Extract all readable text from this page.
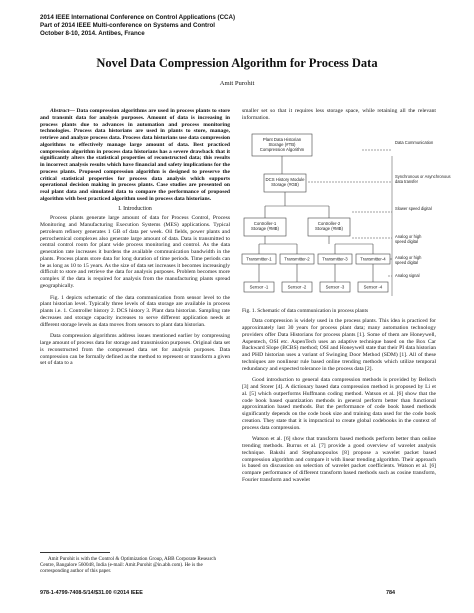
2014 IEEE International Conference on Control Applications (CCA)
Part of 2014 IEEE Multi-conference on Systems and Control
October 8-10, 2014. Antibes, France
Novel Data Compression Algorithm for Process Data
Amit Purohit

Abstract— Data compression algorithms are used in process plants to store and transmit data for analysis purposes. Amount of data is increasing in process plants due to advances in automation and process monitoring technologies. Process data historians are used in plants to store, manage, retrieve and analyze process data. Process data historians use data compression algorithms to effectively manage large amount of data. Best practiced compression algorithm in process data historians has a severe drawback that it significantly alters the statistical properties of reconstructed data; this results in incorrect analysis results which have financial and safety implications for the process plants. Proposed compression algorithm is designed to preserve the critical statistical properties for process data analysis which supports operational decision making in process plants. Case studies are presented on real plant data and simulated data to compare the performance of proposed algorithm with best practiced algorithm used in process data historians.

I. Introduction

Process plants generate large amount of data for Process Control, Process Monitoring and Manufacturing Execution Systems (MES) applications. Typical petroleum refinery generates 1 GB of data per week. Oil fields, power plants and petrochemical complexes also generate large amount of data. Data is transmitted to central control room for plant wide process monitoring and control. As the data generation rate increases it burdens the available communication bandwidth in the plants. Process plants store data for long duration of time periods. Time periods can be as long as 10 to 15 years. As the size of data set increases it becomes increasingly difficult to store and retrieve the data for analysis purposes. Problem becomes more complex if the data is required for analysis from the manufacturing plants spread geographically.

Fig. 1 depicts schematic of the data communication from sensor level to the plant historian level. Typically three levels of data storage are available in process plants i.e. 1. Controller history 2. DCS history 3. Plant data historian. Sampling rate decreases and storage capacity increases to serve different application needs at different storage levels as data moves from sensors to plant data historian.

Data compression algorithms address issues mentioned earlier by compressing large amount of process data for storage and transmission purposes. Original data set is reconstructed from the compressed data set for analysis purposes. Data compression can be formally defined as the method to represent or transform a given set of data to a

smaller set so that it requires less storage space, while retaining all the relevant information.

Plant Data Historian Storage (#TB) Compression Algorithm
DCS History Module Storage (#GB)
Controller-1 Storage (#MB)
Controller-2 Storage (#MB)
Transmitter-1	Transmitter-2	Transmitter-3	Transmitter-4
Sensor -1	Sensor -2	Sensor -3	Sensor -4
Data Communication
Synchronous or Asynchronous data transfer
Slower speed digital
Analog or high speed digital
Analog or high speed digital
Analog signal

Fig. 1. Schematic of data communication in process plants

Data compression is widely used in the process plants. This idea is practiced for approximately last 30 years for process plant data; many automation technology providers offer Data Historians for process plants [1]. Some of them are Honeywell, Aspentech, OSI etc. AspenTech uses an adaptive technique based on the Box Car Backward Slope (BCBS) method; OSI and Honeywell state that their PI data historian and PHD historian uses a variant of Swinging Door Method (SDM) [1]. All of these techniques are nonlinear rule based online trending methods which utilize temporal redundancy and expected tolerance in the process data [2].

Good introduction to general data compression methods is provided by Belloch [3] and Storer [4]. A dictionary based data compression method is proposed by Li et al. [5] which outperforms Huffmann coding method. Watson et al. [6] show that the code book based quantization methods in general perform better than functional approximation based methods. But the performance of code book based methods significantly depends on the code book size and training data used for the code book creation. They state that it is impractical to create global codebooks in the context of process data compression.

Watson et al. [6] show that transform based methods perform better than online trending methods. Burrus et al. [7] provide a good overview of wavelet analysis technique. Bakshi and Stephanopoulos [8] propose a wavelet packet based compression algorithm and compare it with linear trending algorithm. Their approach is based on discussion on selection of wavelet packet coefficients. Watson et al. [6] compare performance of different transform based methods such as cosine transform, Fourier transform and wavelet

Amit Purohit is with the Control & Optimization Group, ABB Corporate Research Centre, Bangalore 560048, India (e-mail: Amit.Purohit @in.abb.com). He is the corresponding author of this paper.
978-1-4799-7408-5/14/$31.00 ©2014 IEEE	784
